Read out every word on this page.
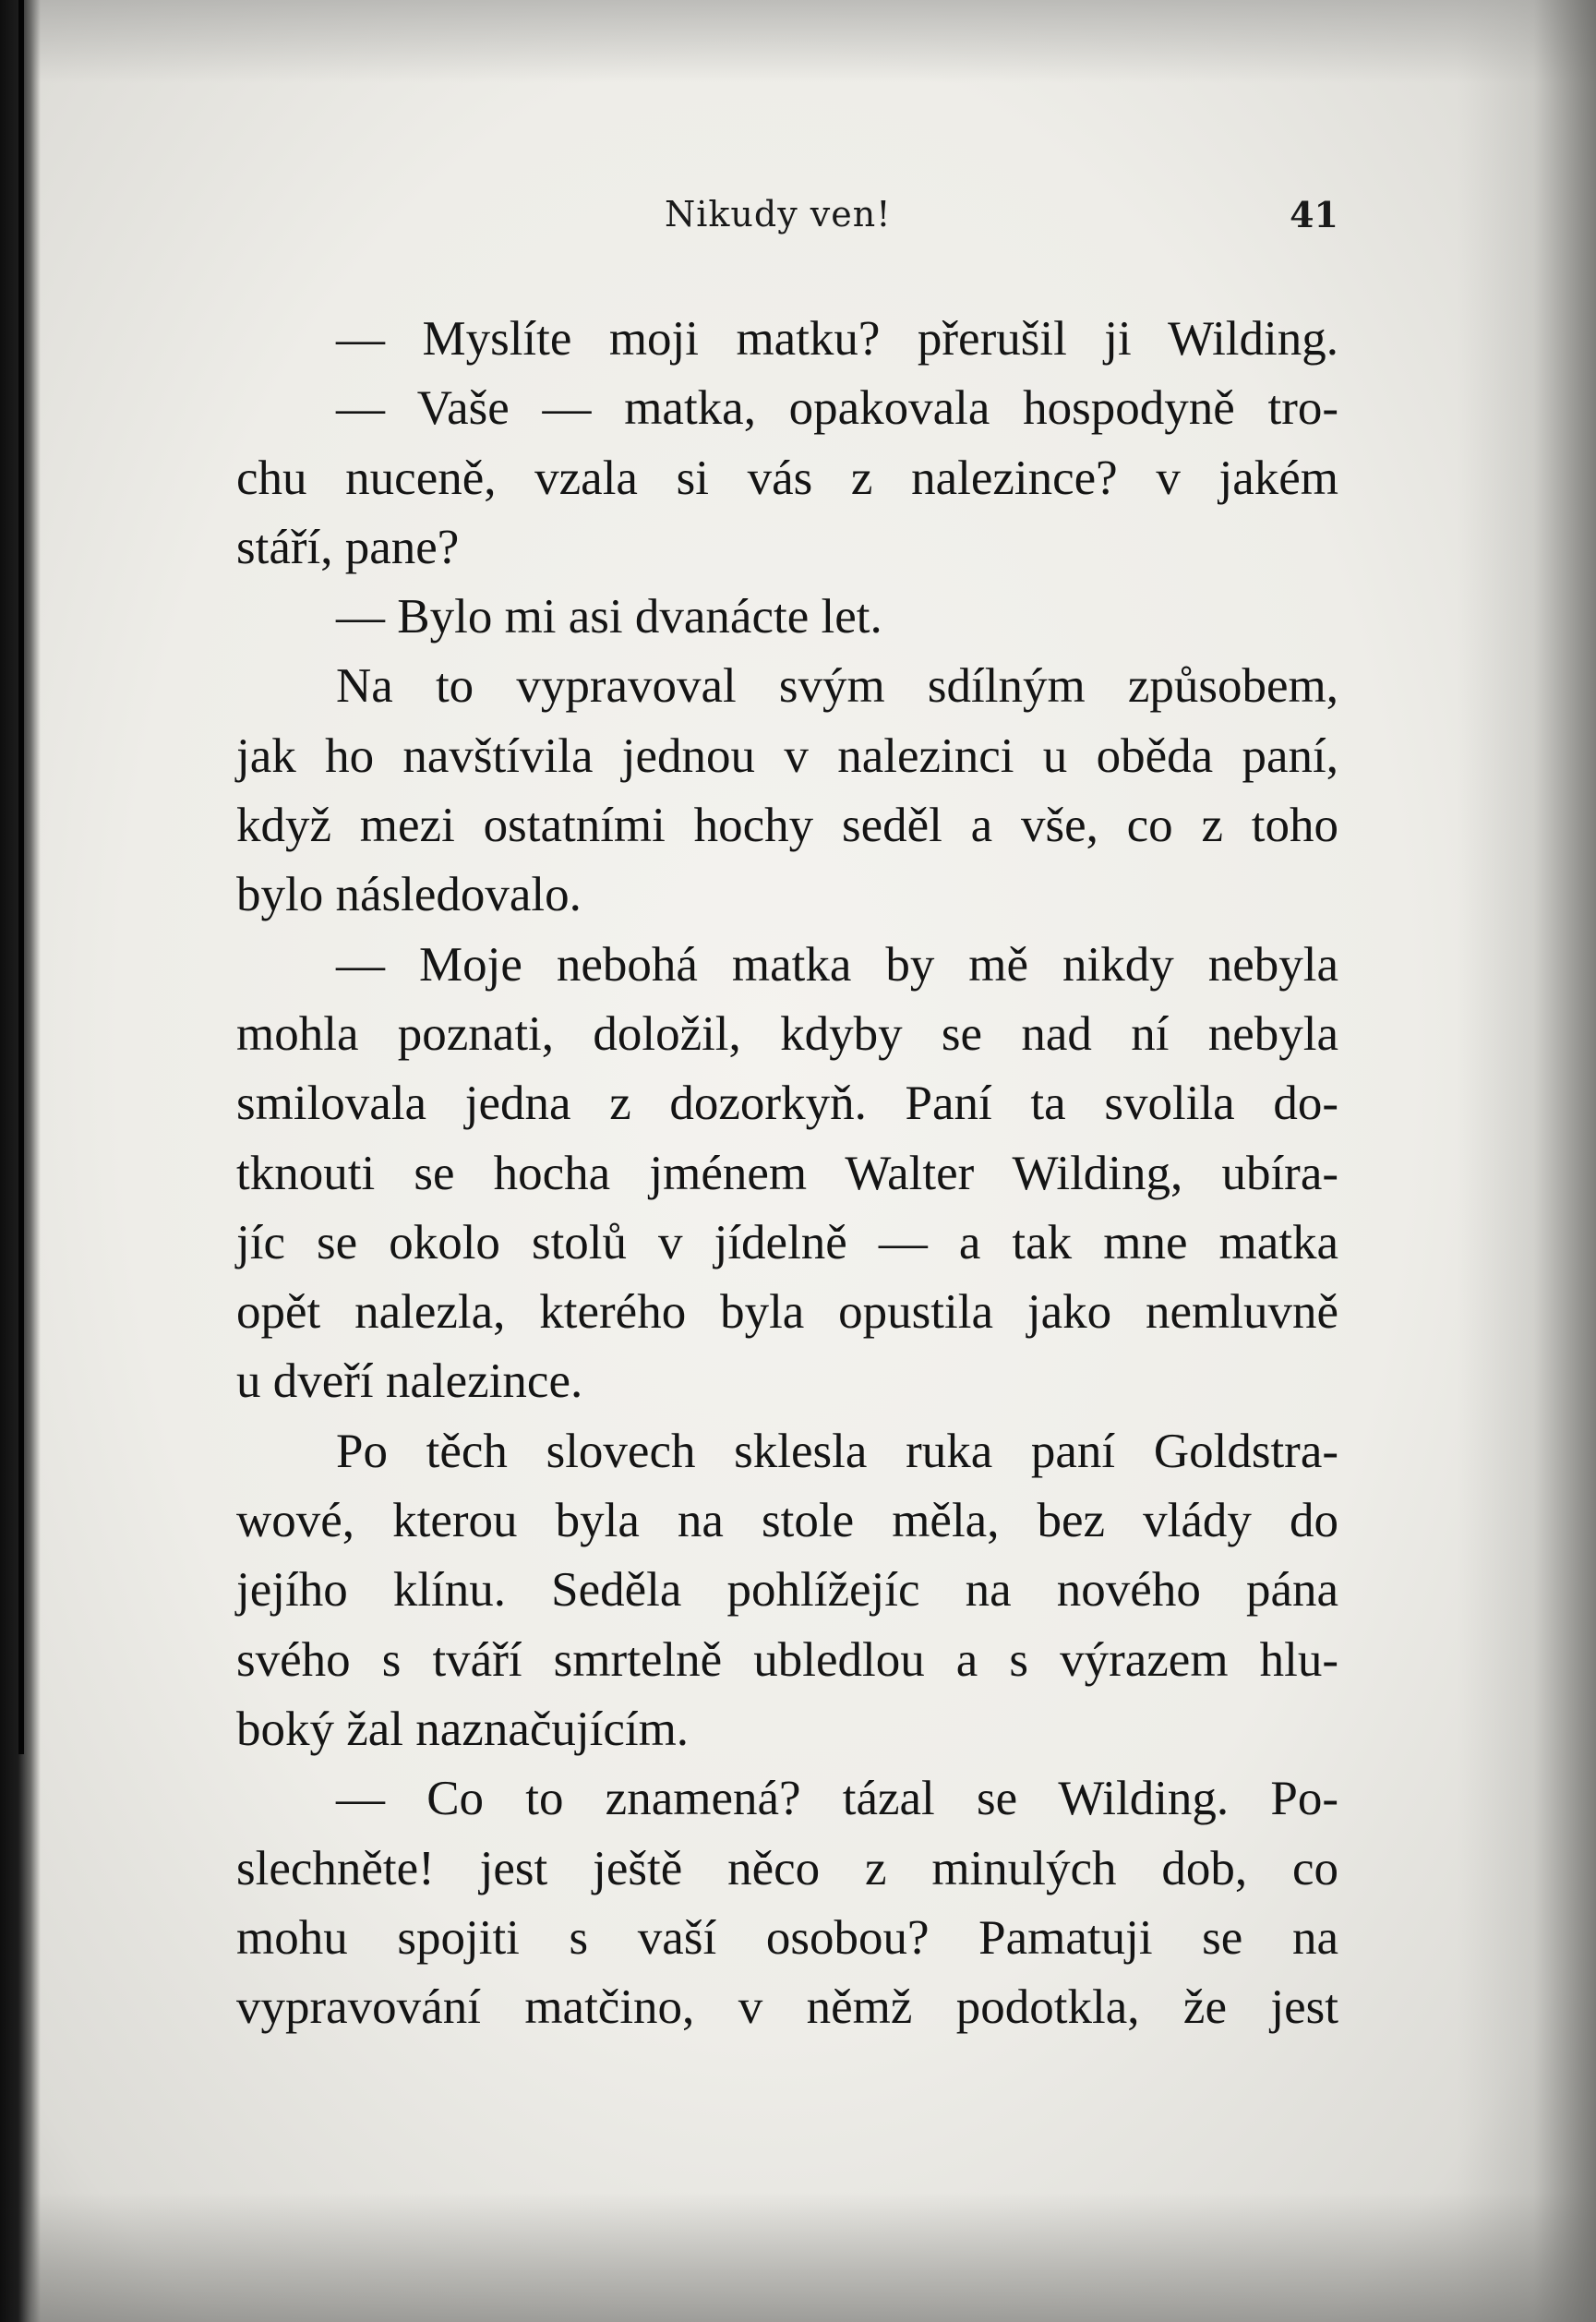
Nikudy ven!	41
— Myslíte moji matku? přerušil ji Wilding.
— Vaše — matka, opakovala hospodyně tro-
chu nuceně, vzala si vás z nalezince? v jakém
stáří, pane?
— Bylo mi asi dvanácte let.
Na to vypravoval svým sdílným způsobem,
jak ho navštívila jednou v nalezinci u oběda paní,
když mezi ostatními hochy seděl a vše, co z toho
bylo následovalo.
— Moje nebohá matka by mě nikdy nebyla
mohla poznati, doložil, kdyby se nad ní nebyla
smilovala jedna z dozorkyň. Paní ta svolila do-
tknouti se hocha jménem Walter Wilding, ubíra-
jíc se okolo stolů v jídelně — a tak mne matka
opět nalezla, kterého byla opustila jako nemluvně
u dveří nalezince.
Po těch slovech sklesla ruka paní Goldstra-
wové, kterou byla na stole měla, bez vlády do
jejího klínu. Seděla pohlížejíc na nového pána
svého s tváří smrtelně ubledlou a s výrazem hlu-
boký žal naznačujícím.
— Co to znamená? tázal se Wilding. Po-
slechněte! jest ještě něco z minulých dob, co
mohu spojiti s vaší osobou? Pamatuji se na
vypravování matčino, v němž podotkla, že jest
